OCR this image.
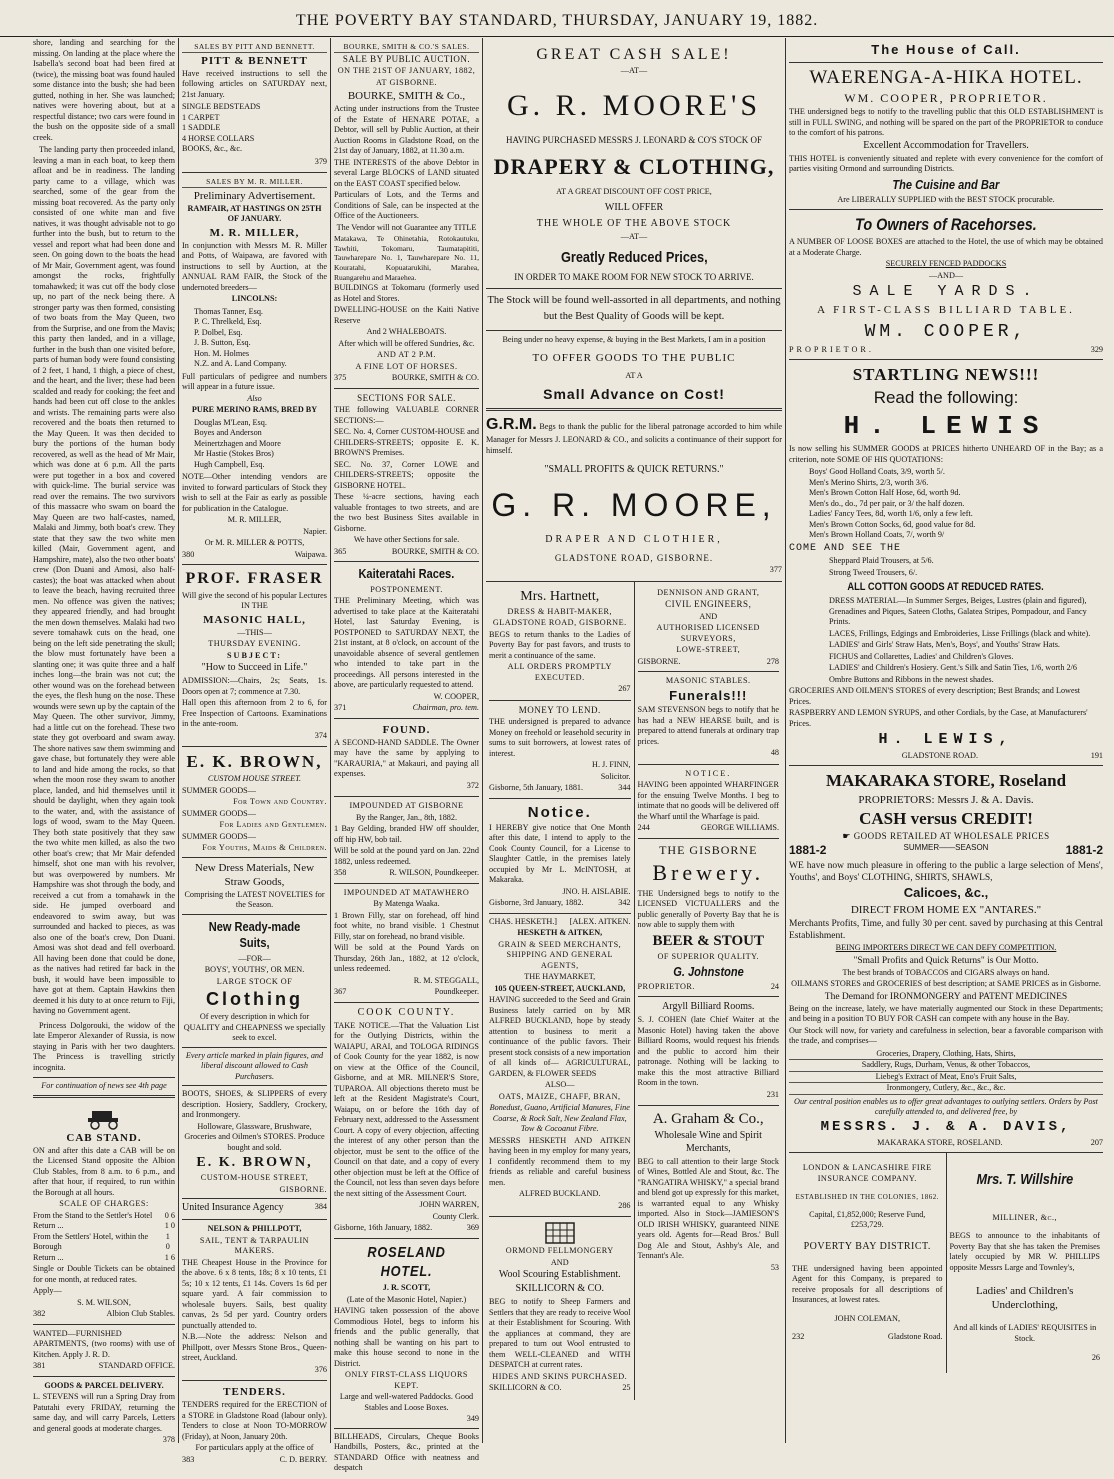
THE POVERTY BAY STANDARD, THURSDAY, JANUARY 19, 1882.

shore, landing and searching for the missing. On landing at the place where the Isabella's second boat had been fired at (twice), the missing boat was found hauled some distance into the bush; she had been gutted, nothing in her. She was launched; natives were hovering about, but at a respectful distance; two cars were found in the bush on the opposite side of a small creek.

The landing party then proceeded inland, leaving a man in each boat, to keep them afloat and be in readiness. The landing party came to a village, which was searched, some of the gear from the missing boat recovered. As the party only consisted of one white man and five natives, it was thought advisable not to go further into the bush, but to return to the vessel and report what had been done and seen. On going down to the boats the head of Mr Mair, Government agent, was found amongst the rocks, frightfully tomahawked; it was cut off the body close up, no part of the neck being there. A stronger party was then formed, consisting of two boats from the May Queen, two from the Surprise, and one from the Mavis; this party then landed, and in a village, further in the bush than one visited before, parts of human body were found consisting of 2 feet, 1 hand, 1 thigh, a piece of chest, and the heart, and the liver; these had been scalded and ready for cooking; the feet and hands had been cut off close to the ankles and wrists. The remaining parts were also recovered and the boats then returned to the May Queen. It was then decided to bury the portions of the human body recovered, as well as the head of Mr Mair, which was done at 6 p.m. All the parts were put together in a box and covered with quick-lime. The burial service was read over the remains. The two survivors of this massacre who swam on board the May Queen are two half-castes, named, Malaki and Jimmy, both boat's crew. They state that they saw the two white men killed (Mair, Government agent, and Hampshire, mate), also the two other boats' crew (Don Duani and Amosi, also half-castes); the boat was attacked when about to leave the beach, having recruited three men. No offence was given the natives; they appeared friendly, and had brought the men down themselves. Malaki had two severe tomahawk cuts on the head, one being on the left side penetrating the skull; the blow must fortunately have been a slanting one; it was quite three and a half inches long—the brain was not cut; the other wound was on the forehead between the eyes, the flesh hung on the nose. These wounds were sewn up by the captain of the May Queen. The other survivor, Jimmy, had a little cut on the forehead. These two state they got overboard and swam away. The shore natives saw them swimming and gave chase, but fortunately they were able to land and hide among the rocks, so that when the moon rose they swam to another place, landed, and hid themselves until it should be daylight, when they again took to the water, and, with the assistance of logs of wood, swam to the May Queen. They both state positively that they saw the two white men killed, as also the two other boat's crew; that Mr Mair defended himself, shot one man with his revolver, but was overpowered by numbers. Mr Hampshire was shot through the body, and received a cut from a tomahawk in the side. He jumped overboard and endeavored to swim away, but was surrounded and hacked to pieces, as was also one of the boat's crew, Don Duani. Amosi was shot dead and fell overboard. All having been done that could be done, as the natives had retired far back in the bush, it would have been impossible to have got at them. Captain Hawkins then deemed it his duty to at once return to Fiji, having no Government agent.

Princess Dolgorouki, the widow of the late Emperor Alexander of Russia, is now staying in Paris with her two daughters. The Princess is travelling strictly incognita.

For continuation of news see 4th page

CAB STAND.

ON and after this date a CAB will be on the Licensed Stand opposite the Albion Club Stables, from 8 a.m. to 6 p.m., and after that hour, if required, to run within the Borough at all hours.

SCALE OF CHARGES:

From the Stand to the Settler's Hotel 0 6
Return ...	1 0
From the Settlers' Hotel, within the Borough
1 0
Return ...	1 6

Single or Double Tickets can be obtained for one month, at reduced rates.

Apply—

S. M. WILSON,

382	Albion Club Stables.

WANTED—FURNISHED APARTMENTS, (two rooms) with use of Kitchen. Apply J. R. D.

381	STANDARD OFFICE.

GOODS & PARCEL DELIVERY.

L. STEVENS will run a Spring Dray from Patutahi every FRIDAY, returning the same day, and will carry Parcels, Letters and general goods at moderate charges.

378

SALES BY PITT AND BENNETT.

PITT & BENNETT

Have received instructions to sell the following articles on SATURDAY next, 21st January.

SINGLE BEDSTEADS
1 CARPET
1 SADDLE
4 HORSE COLLARS
BOOKS, &c., &c.

379

SALES BY M. R. MILLER.

Preliminary Advertisement.

RAMFAIR, AT HASTINGS ON 25TH OF JANUARY.

M. R. MILLER,

In conjunction with Messrs M. R. Miller and Potts, of Waipawa, are favored with instructions to sell by Auction, at the ANNUAL RAM FAIR, the Stock of the undernoted breeders—

LINCOLNS:

Thomas Tanner, Esq.
P. C. Threlkeld, Esq.
P. Dolbel, Esq.
J. B. Sutton, Esq.
Hon. M. Holmes
N.Z. and A. Land Company.

Full particulars of pedigree and numbers will appear in a future issue.

Also

PURE MERINO RAMS, BRED BY

Douglas M'Lean, Esq.
Boyes and Anderson
Meinertzhagen and Moore
Mr Hastie (Stokes Bros)
Hugh Campbell, Esq.

NOTE—Other intending vendors are invited to forward particulars of Stock they wish to sell at the Fair as early as possible for publication in the Catalogue.

M. R. MILLER,

Napier.

Or M. R. MILLER & POTTS,

380	Waipawa.

PROF. FRASER

Will give the second of his popular Lectures IN THE

MASONIC HALL,

—THIS—

THURSDAY EVENING.

SUBJECT:

"How to Succeed in Life."

ADMISSION:—Chairs, 2s; Seats, 1s. Doors open at 7; commence at 7.30.

Hall open this afternoon from 2 to 6, for Free Inspection of Cartoons. Examinations in the ante-room.

374

E. K. BROWN,

CUSTOM HOUSE STREET.

SUMMER GOODS—

For Town and Country.

SUMMER GOODS—

For Ladies and Gentlemen.

SUMMER GOODS—

For Youths, Maids & Children.

New Dress Materials, New Straw Goods,

Comprising the LATEST NOVELTIES for the Season.

New Ready-made Suits,

—FOR—

BOYS', YOUTHS', OR MEN.

LARGE STOCK OF

Clothing

Of every description in which for QUALITY and CHEAPNESS we specially seek to excel.

Every article marked in plain figures, and liberal discount allowed to Cash Purchasers.

BOOTS, SHOES, & SLIPPERS of every description. Hosiery, Saddlery, Crockery, and Ironmongery.

Holloware, Glassware, Brushware, Groceries and Oilmen's STORES. Produce bought and sold.

E. K. BROWN,

CUSTOM-HOUSE STREET,

GISBORNE.

United Insurance Agency	384

NELSON & PHILLPOTT,

SAIL, TENT & TARPAULIN MAKERS.

THE Cheapest House in the Province for the above. 6 x 8 tents, 18s; 8 x 10 tents, £1 5s; 10 x 12 tents, £1 14s. Covers 1s 6d per square yard. A fair commission to wholesale buyers. Sails, best quality canvas, 2s 5d per yard. Country orders punctually attended to.

N.B.—Note the address: Nelson and Phillpott, over Messrs Stone Bros., Queen-street, Auckland.

376

TENDERS.

TENDERS required for the ERECTION of a STORE in Gladstone Road (labour only). Tenders to close at Noon TO-MORROW (Friday), at Noon, January 20th.

For particulars apply at the office of

383	C. D. BERRY.

BOURKE, SMITH & CO.'S SALES.

SALE BY PUBLIC AUCTION.

ON THE 21ST OF JANUARY, 1882,

AT GISBORNE.

BOURKE, SMITH & Co.,

Acting under instructions from the Trustee of the Estate of HENARE POTAE, a Debtor, will sell by Public Auction, at their Auction Rooms in Gladstone Road, on the 21st day of January, 1882, at 11.30 a.m.

THE INTERESTS of the above Debtor in several Large BLOCKS of LAND situated on the EAST COAST specified below.

Particulars of Lots, and the Terms and Conditions of Sale, can be inspected at the Office of the Auctioneers.

The Vendor will not Guarantee any TITLE

Matakawa, Te Ohinetahia, Rotokautuku, Tawhiti, Tokomaru, Taumatapititi, Tauwharepare No. 1, Tauwharepare No. 11, Kouratahi, Kopuatarukihi, Marahea, Ruangarehu and Maraehea.

BUILDINGS at Tokomaru (formerly used as Hotel and Stores.

DWELLING-HOUSE on the Kaiti Native Reserve

And 2 WHALEBOATS.

After which will be offered Sundries, &c.

AND AT 2 P.M.

A FINE LOT OF HORSES.

375	BOURKE, SMITH & CO.

SECTIONS FOR SALE.

THE following VALUABLE CORNER SECTIONS:—

SEC. No. 4, Corner CUSTOM-HOUSE and CHILDERS-STREETS; opposite E. K. BROWN'S Premises.

SEC. No. 37, Corner LOWE and CHILDERS-STREETS; opposite the GISBORNE HOTEL.

These ¼-acre sections, having each valuable frontages to two streets, and are the two best Business Sites available in Gisborne.

We have other Sections for sale.

365	BOURKE, SMITH & CO.

Kaiteratahi Races.

POSTPONEMENT.

THE Preliminary Meeting, which was advertised to take place at the Kaiteratahi Hotel, last Saturday Evening, is POSTPONED to SATURDAY NEXT, the 21st instant, at 8 o'clock, on account of the unavoidable absence of several gentlemen who intended to take part in the proceedings. All persons interested in the above, are particularly requested to attend.

W. COOPER,

371	Chairman, pro. tem.

FOUND.

A SECOND-HAND SADDLE. The Owner may have the same by applying to "KARAURIA," at Makauri, and paying all expenses.

372

IMPOUNDED AT GISBORNE

By the Ranger, Jan., 8th, 1882.

1 Bay Gelding, branded HW off shoulder, off hip HW, bob tail.

Will be sold at the pound yard on Jan. 22nd 1882, unless redeemed.

358	R. WILSON, Poundkeeper.

IMPOUNDED AT MATAWHERO

By Matenga Waaka.

1 Brown Filly, star on forehead, off hind foot white, no brand visible. 1 Chestnut Filly, star on forehead, no brand visible.

Will be sold at the Pound Yards on Thursday, 26th Jan., 1882, at 12 o'clock, unless redeemed.

R. M. STEGGALL,

367	Poundkeeper.

COOK COUNTY.

TAKE NOTICE.—That the Valuation List for the Outlying Districts, within the WAIAPU, ARAI, and TOLOGA RIDINGS of Cook County for the year 1882, is now on view at the Office of the Council, Gisborne, and at MR. MILNER'S Store, TUPAROA. All objections thereto must be left at the Resident Magistrate's Court, Waiapu, on or before the 16th day of February next, addressed to the Assessment Court. A copy of every objection, affecting the interest of any other person than the objector, must be sent to the office of the Council on that date, and a copy of every other objection must be left at the Office of the Council, not less than seven days before the next sitting of the Assessment Court.

JOHN WARREN,

County Clerk.

Gisborne, 16th January, 1882.	369

ROSELAND HOTEL.

J. R. SCOTT,

(Late of the Masonic Hotel, Napier.)

HAVING taken possession of the above Commodious Hotel, begs to inform his friends and the public generally, that nothing shall be wanting on his part to make this house second to none in the District.

ONLY FIRST-CLASS LIQUORS KEPT.

Large and well-watered Paddocks. Good Stables and Loose Boxes.

349

BILLHEADS, Circulars, Cheque Books Handbills, Posters, &c., printed at the STANDARD Office with neatness and despatch

GREAT CASH SALE!

—AT—

G. R. MOORE'S

HAVING PURCHASED MESSRS J. LEONARD & CO'S STOCK OF

DRAPERY & CLOTHING,

AT A GREAT DISCOUNT OFF COST PRICE,

WILL OFFER

THE WHOLE OF THE ABOVE STOCK

—AT—

Greatly Reduced Prices,

IN ORDER TO MAKE ROOM FOR NEW STOCK TO ARRIVE.

The Stock will be found well-assorted in all departments, and nothing but the Best Quality of Goods will be kept.

Being under no heavy expense, & buying in the Best Markets, I am in a position

TO OFFER GOODS TO THE PUBLIC

AT A

Small Advance on Cost!

G.R.M. Begs to thank the public for the liberal patronage accorded to him while Manager for Messrs J. LEONARD & CO., and solicits a continuance of their support for himself.

"SMALL PROFITS & QUICK RETURNS."

G. R. MOORE,

DRAPER AND CLOTHIER,

GLADSTONE ROAD, GISBORNE.

377

Mrs. Hartnett,

DRESS & HABIT-MAKER,

GLADSTONE ROAD, GISBORNE.

BEGS to return thanks to the Ladies of Poverty Bay for past favors, and trusts to merit a continuance of the same.

ALL ORDERS PROMPTLY EXECUTED.

267

MONEY TO LEND.

THE undersigned is prepared to advance Money on freehold or leasehold security in sums to suit borrowers, at lowest rates of interest.

H. J. FINN,

Solicitor.

Gisborne, 5th January, 1881.	344

Notice.

I HEREBY give notice that One Month after this date, I intend to apply to the Cook County Council, for a License to Slaughter Cattle, in the premises lately occupied by Mr L. McINTOSH, at Makaraka.

JNO. H. AISLABIE.

Gisborne, 3rd January, 1882.	342
CHAS. HESKETH.] [ALEX. AITKEN.

HESKETH & AITKEN,

GRAIN & SEED MERCHANTS, SHIPPING AND GENERAL AGENTS,

THE HAYMARKET,

105 QUEEN-STREET, AUCKLAND,

HAVING succeeded to the Seed and Grain Business lately carried on by MR ALFRED BUCKLAND, hope by steady attention to business to merit a continuance of the public favors. Their present stock consists of a new importation of all kinds of— AGRICULTURAL, GARDEN, & FLOWER SEEDS

ALSO—

OATS, MAIZE, CHAFF, BRAN,

Bonedust, Guano, Artificial Manures, Fine Coarse, & Rock Salt, New Zealand Flax, Tow & Cocoanut Fibre.

MESSRS HESKETH AND AITKEN having been in my employ for many years, I confidently recommend them to my friends as reliable and careful business men.

ALFRED BUCKLAND.

286

ORMOND FELLMONGERY

AND

Wool Scouring Establishment.

SKILLICORN & CO.

BEG to notify to Sheep Farmers and Settlers that they are ready to receive Wool at their Establishment for Scouring. With the appliances at command, they are prepared to turn out Wool entrusted to them WELL-CLEANED and WITH DESPATCH at current rates.

HIDES AND SKINS PURCHASED.

SKILLICORN & CO.	25

DENNISON AND GRANT,

CIVIL ENGINEERS,

AND

AUTHORISED LICENSED SURVEYORS,

LOWE-STREET,

GISBORNE.	278

MASONIC STABLES.

Funerals!!!

SAM STEVENSON begs to notify that he has had a NEW HEARSE built, and is prepared to attend funerals at ordinary trap prices.

48

NOTICE.

HAVING been appointed WHARFINGER for the ensuing Twelve Months. I beg to intimate that no goods will be delivered off the Wharf until the Wharfage is paid.

244	GEORGE WILLIAMS.

THE GISBORNE

Brewery.

THE Undersigned begs to notify to the LICENSED VICTUALLERS and the public generally of Poverty Bay that he is now able to supply them with

BEER & STOUT

OF SUPERIOR QUALITY.

G. Johnstone

PROPRIETOR.	24

Argyll Billiard Rooms.

S. J. COHEN (late Chief Waiter at the Masonic Hotel) having taken the above Billiard Rooms, would request his friends and the public to accord him their patronage. Nothing will be lacking to make this the most attractive Billiard Room in the town.

231

A. Graham & Co.,

Wholesale Wine and Spirit Merchants,

BEG to call attention to their large Stock of Wines, Bottled Ale and Stout, &c. The "RANGATIRA WHISKY," a special brand and blend got up expressly for this market, is warranted equal to any Whisky imported. Also in Stock—JAMIESON'S OLD IRISH WHISKY, guaranteed NINE years old. Agents for—Read Bros.' Bull Dog Ale and Stout, Ashby's Ale, and Tennant's Ale.

53

The House of Call.

WAERENGA-A-HIKA HOTEL.

WM. COOPER, PROPRIETOR.

THE undersigned begs to notify to the travelling public that this OLD ESTABLISHMENT is still in FULL SWING, and nothing will be spared on the part of the PROPRIETOR to conduce to the comfort of his patrons.

Excellent Accommodation for Travellers.

THIS HOTEL is conveniently situated and replete with every convenience for the comfort of parties visiting Ormond and surrounding Districts.

The Cuisine and Bar

Are LIBERALLY SUPPLIED with the BEST STOCK procurable.

To Owners of Racehorses.

A NUMBER OF LOOSE BOXES are attached to the Hotel, the use of which may be obtained at a Moderate Charge.

SECURELY FENCED PADDOCKS

—AND—

SALE YARDS.

A FIRST-CLASS BILLIARD TABLE.

WM. COOPER,

PROPRIETOR.	329

STARTLING NEWS!!!

Read the following:

H. LEWIS

Is now selling his SUMMER GOODS at PRICES hitherto UNHEARD OF in the Bay; as a criterion, note SOME OF HIS QUOTATIONS:

Boys' Good Holland Coats, 3/9, worth 5/.
Men's Merino Shirts, 2/3, worth 3/6.
Men's Brown Cotton Half Hose, 6d, worth 9d.
Men's do., do., 7d per pair, or 3/ the half dozen.
Ladies' Fancy Tees, 8d, worth 1/6, only a few left.
Men's Brown Cotton Socks, 6d, good value for 8d.
Men's Brown Holland Coats, 7/, worth 9/

COME AND SEE THE

Sheppard Plaid Trousers, at 5/6.

Strong Tweed Trousers, 6/.

ALL COTTON GOODS AT REDUCED RATES.

DRESS MATERIAL—In Summer Serges, Beiges, Lustres (plain and figured), Grenadines and Piques, Sateen Cloths, Galatea Stripes, Pompadour, and Fancy Prints.

LACES, Frillings, Edgings and Embroideries, Lisse Frillings (black and white).

LADIES' and Girls' Straw Hats, Men's, Boys', and Youths' Straw Hats.

FICHUS and Collarettes, Ladies' and Children's Gloves.

LADIES' and Children's Hosiery. Gent.'s Silk and Satin Ties, 1/6, worth 2/6

Ombre Buttons and Ribbons in the newest shades.

GROCERIES AND OILMEN'S STORES of every description; Best Brands; and Lowest Prices.

RASPBERRY AND LEMON SYRUPS, and other Cordials, by the Case, at Manufacturers' Prices.

H. LEWIS,

GLADSTONE ROAD.	191

MAKARAKA STORE, Roseland

PROPRIETORS: Messrs J. & A. Davis.

CASH versus CREDIT!

☛ GOODS RETAILED AT WHOLESALE PRICES

1881-2	SUMMER——SEASON	1881-2

WE have now much pleasure in offering to the public a large selection of Mens', Youths', and Boys' CLOTHING, SHIRTS, SHAWLS,

Calicoes, &c.,

DIRECT FROM HOME EX "ANTARES."

Merchants Profits, Time, and fully 30 per cent. saved by purchasing at this Central Establishment.

BEING IMPORTERS DIRECT WE CAN DEFY COMPETITION.

"Small Profits and Quick Returns" is Our Motto.

The best brands of TOBACCOS and CIGARS always on hand.

OILMANS STORES and GROCERIES of best description; at SAME PRICES as in Gisborne.

The Demand for IRONMONGERY and PATENT MEDICINES

Being on the increase, lately, we have materially augmented our Stock in these Departments; and being in a position TO BUY FOR CASH can compete with any house in the Bay.

Our Stock will now, for variety and carefulness in selection, bear a favorable comparison with the trade, and comprises—

Groceries, Drapery, Clothing, Hats, Shirts,
Saddlery, Rugs, Durham, Venus, & other Tobaccos,
Liebeg's Extract of Meat, Eno's Fruit Salts,
Ironmongery, Cutlery, &c., &c., &c.

Our central position enables us to offer great advantages to outlying settlers. Orders by Post carefully attended to, and delivered free, by

MESSRS. J. & A. DAVIS,

MAKARAKA STORE, ROSELAND.	207

LONDON & LANCASHIRE FIRE INSURANCE COMPANY.

ESTABLISHED IN THE COLONIES, 1862.

Capital, £1,852,000; Reserve Fund, £253,729.

POVERTY BAY DISTRICT.

THE undersigned having been appointed Agent for this Company, is prepared to receive proposals for all descriptions of Insurances, at lowest rates.

JOHN COLEMAN,

232	Gladstone Road.

Mrs. T. Willshire

MILLINER, &c.,

BEGS to announce to the inhabitants of Poverty Bay that she has taken the Premises lately occupied by MR W. PHILLIPS opposite Messrs Large and Townley's,

Ladies' and Children's Underclothing,

And all kinds of LADIES' REQUISITES in Stock.

26
